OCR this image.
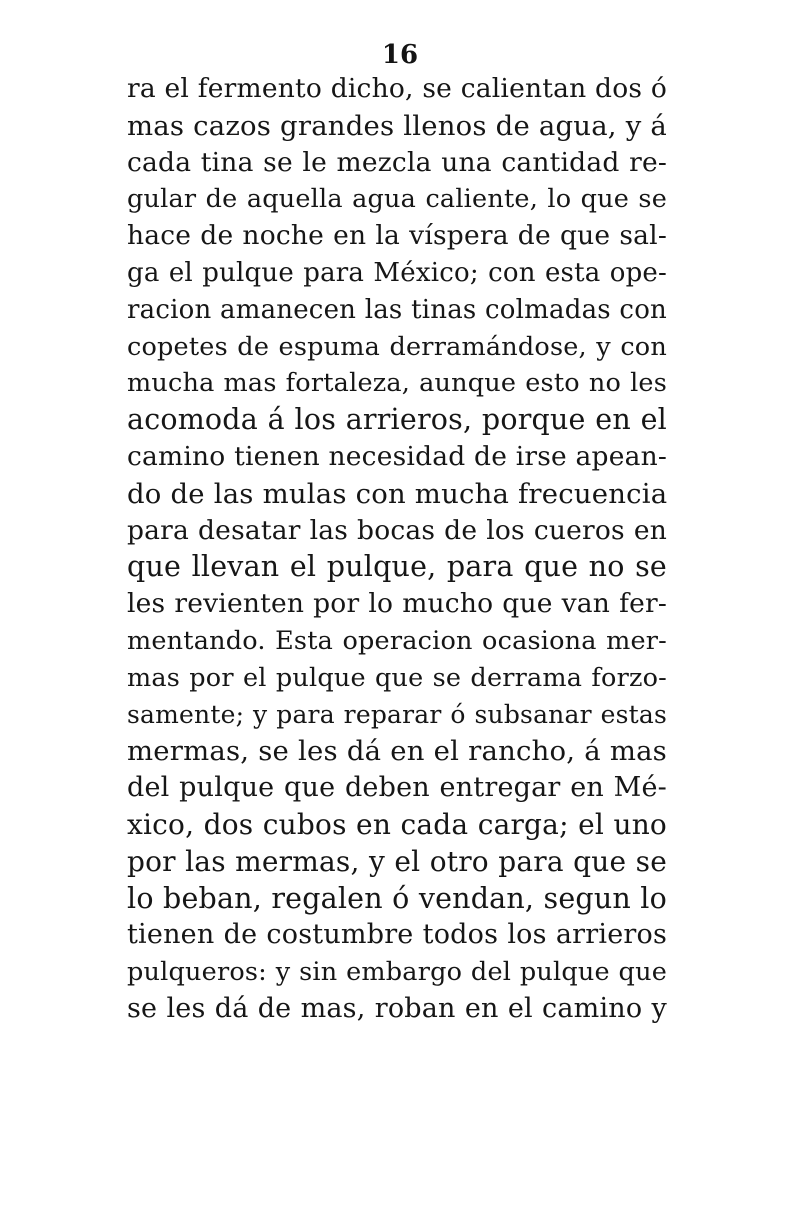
16
ra el fermento dicho, se calientan dos ó
mas cazos grandes llenos de agua, y á
cada tina se le mezcla una cantidad re-
gular de aquella agua caliente, lo que se
hace de noche en la víspera de que sal-
ga el pulque para México; con esta ope-
racion amanecen las tinas colmadas con
copetes de espuma derramándose, y con
mucha mas fortaleza, aunque esto no les
acomoda á los arrieros, porque en el
camino tienen necesidad de irse apean-
do de las mulas con mucha frecuencia
para desatar las bocas de los cueros en
que llevan el pulque, para que no se
les revienten por lo mucho que van fer-
mentando. Esta operacion ocasiona mer-
mas por el pulque que se derrama forzo-
samente; y para reparar ó subsanar estas
mermas, se les dá en el rancho, á mas
del pulque que deben entregar en Mé-
xico, dos cubos en cada carga; el uno
por las mermas, y el otro para que se
lo beban, regalen ó vendan, segun lo
tienen de costumbre todos los arrieros
pulqueros: y sin embargo del pulque que
se les dá de mas, roban en el camino y
